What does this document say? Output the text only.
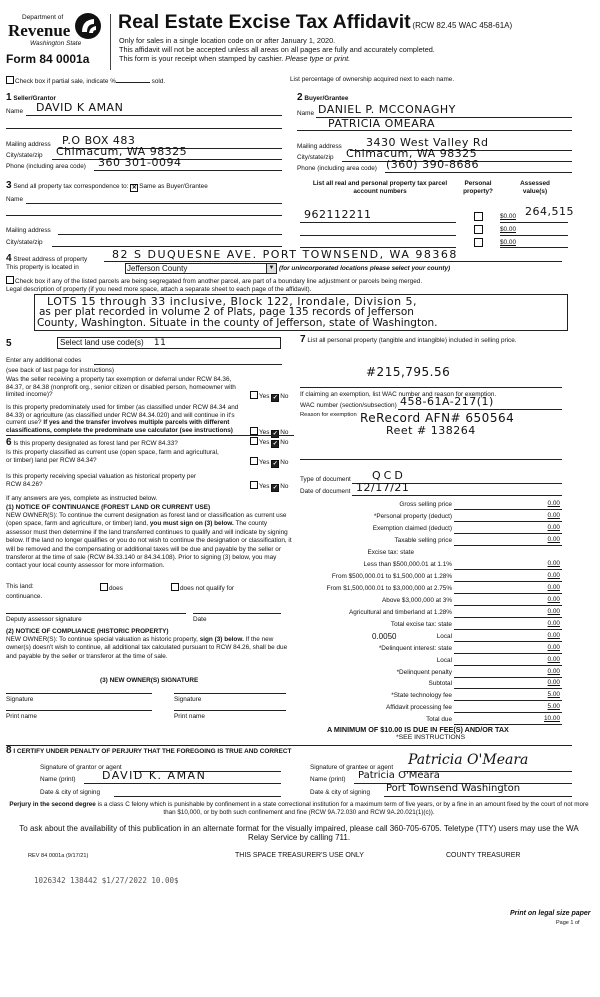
Department of
Revenue
Washington State
Form 84 0001a
Real Estate Excise Tax Affidavit (RCW 82.45 WAC 458-61A)
Only for sales in a single location code on or after January 1, 2020.
This affidavit will not be accepted unless all areas on all pages are fully and accurately completed.
This form is your receipt when stamped by cashier. Please type or print.
Check box if partial sale, indicate %	sold.	List percentage of ownership acquired next to each name.
1 Seller/Grantor
Name DAVID K AMAN
Mailing address P.O BOX 483
City/state/zip Chimacum, WA 98325
Phone (including area code) 360 301-0094
2 Buyer/Grantee
Name DANIEL P. MCCONAGHY
PATRICIA OMEARA
Mailing address 3430 West Valley Rd
City/state/zip Chimacum, WA 98325
Phone (including area code) (360) 390-8686
3 Send all property tax correspondence to: ✕ Same as Buyer/Grantee
Name
Mailing address
City/state/zip
List all real and personal property tax parcel account numbers
Personal property?
Assessed value(s)
962112211	$0.00 264,515
$0.00
$0.00
4 Street address of property 82 S DUQUESNE AVE. PORT TOWNSEND, WA 98368
This property is located in	Jefferson County	▼ (for unincorporated locations please select your county)
Check box if any of the listed parcels are being segregated from another parcel, are part of a boundary line adjustment or parcels being merged.
Legal description of property (if you need more space, attach a separate sheet to each page of the affidavit).
LOTS 15 through 33 inclusive, Block 122, Irondale, Division 5,
as per plat recorded in volume 2 of Plats, page 135 records of Jefferson
County, Washington. Situate in the county of Jefferson, state of Washington.
5	Select land use code(s) 11
Enter any additional codes
(see back of last page for instructions)
Was the seller receiving a property tax exemption or deferral under RCW 84.36, 84.37, or 84.38 (nonprofit org., senior citizen or disabled person, homeowner with limited income)?	Yes ✓ No
Is this property predominately used for timber (as classified under RCW 84.34 and 84.33) or agriculture (as classified under RCW 84.34.020) and will continue in it's current use? If yes and the transfer involves multiple parcels with different classifications, complete the predominate use calculator (see instructions)	Yes ✓ No
6 Is this property designated as forest land per RCW 84.33?	Yes ✓ No
Is this property classified as current use (open space, farm and agricultural, or timber) land per RCW 84.34?	Yes ✓ No
Is this property receiving special valuation as historical property per RCW 84.26?	Yes ✓ No
If any answers are yes, complete as instructed below.
(1) NOTICE OF CONTINUANCE (FOREST LAND OR CURRENT USE)
NEW OWNER(S): To continue the current designation as forest land or classification as current use (open space, farm and agriculture, or timber) land, you must sign on (3) below. The county assessor must then determine if the land transferred continues to qualify and will indicate by signing below. If the land no longer qualifies or you do not wish to continue the designation or classification, it will be removed and the compensating or additional taxes will be due and payable by the seller or transferor at the time of sale (RCW 84.33.140 or 84.34.108). Prior to signing (3) below, you may contact your local county assessor for more information.
This land:	does	does not qualify for
continuance.
Deputy assessor signature	Date
(2) NOTICE OF COMPLIANCE (HISTORIC PROPERTY)
NEW OWNER(S): To continue special valuation as historic property, sign (3) below. If the new owner(s) doesn't wish to continue, all additional tax calculated pursuant to RCW 84.26, shall be due and payable by the seller or transferor at the time of sale.
(3) NEW OWNER(S) SIGNATURE
Signature	Signature
Print name	Print name
7 List all personal property (tangible and intangible) included in selling price.
#215,795.56
If claiming an exemption, list WAC number and reason for exemption.
WAC number (section/subsection) 458-61A-217(1)
Reason for exemption ReRecord AFN# 650564
Reet # 138264
Type of document QCD
Date of document 12/17/21
Gross selling price	0.00
*Personal property (deduct)	0.00
Exemption claimed (deduct)	0.00
Taxable selling price	0.00
Excise tax: state
Less than $500,000.01 at 1.1%	0.00
From $500,000.01 to $1,500,000 at 1.28%	0.00
From $1,500,000.01 to $3,000,000 at 2.75%	0.00
Above $3,000,000 at 3%	0.00
Agricultural and timberland at 1.28%	0.00
Total excise tax: state	0.00
Local
0.0050	0.00
*Delinquent interest: state	0.00
Local	0.00
*Delinquent penalty	0.00
Subtotal	0.00
*State technology fee	5.00
Affidavit processing fee	5.00
Total due	10.00
A MINIMUM OF $10.00 IS DUE IN FEE(S) AND/OR TAX
*SEE INSTRUCTIONS
8 I CERTIFY UNDER PENALTY OF PERJURY THAT THE FOREGOING IS TRUE AND CORRECT
Signature of grantor or agent
Name (print) DAVID K. AMAN
Date & city of signing
Signature of grantee or agent Patricia O'Meara
Name (print) Patricia O'Meara
Date & city of signing Port Townsend Washington
Perjury in the second degree is a class C felony which is punishable by confinement in a state correctional institution for a maximum term of five years, or by a fine in an amount fixed by the court of not more than $10,000, or by both such confinement and fine (RCW 9A.72.030 and RCW 9A.20.021(1)(c)).
To ask about the availability of this publication in an alternate format for the visually impaired, please call 360-705-6705. Teletype (TTY) users may use the WA Relay Service by calling 711.
REV 84 0001a (9/17/21)	THIS SPACE TREASURER'S USE ONLY	COUNTY TREASURER
1026342 138442 $1/27/2022 10.00$
Print on legal size paper
Page 1 of
